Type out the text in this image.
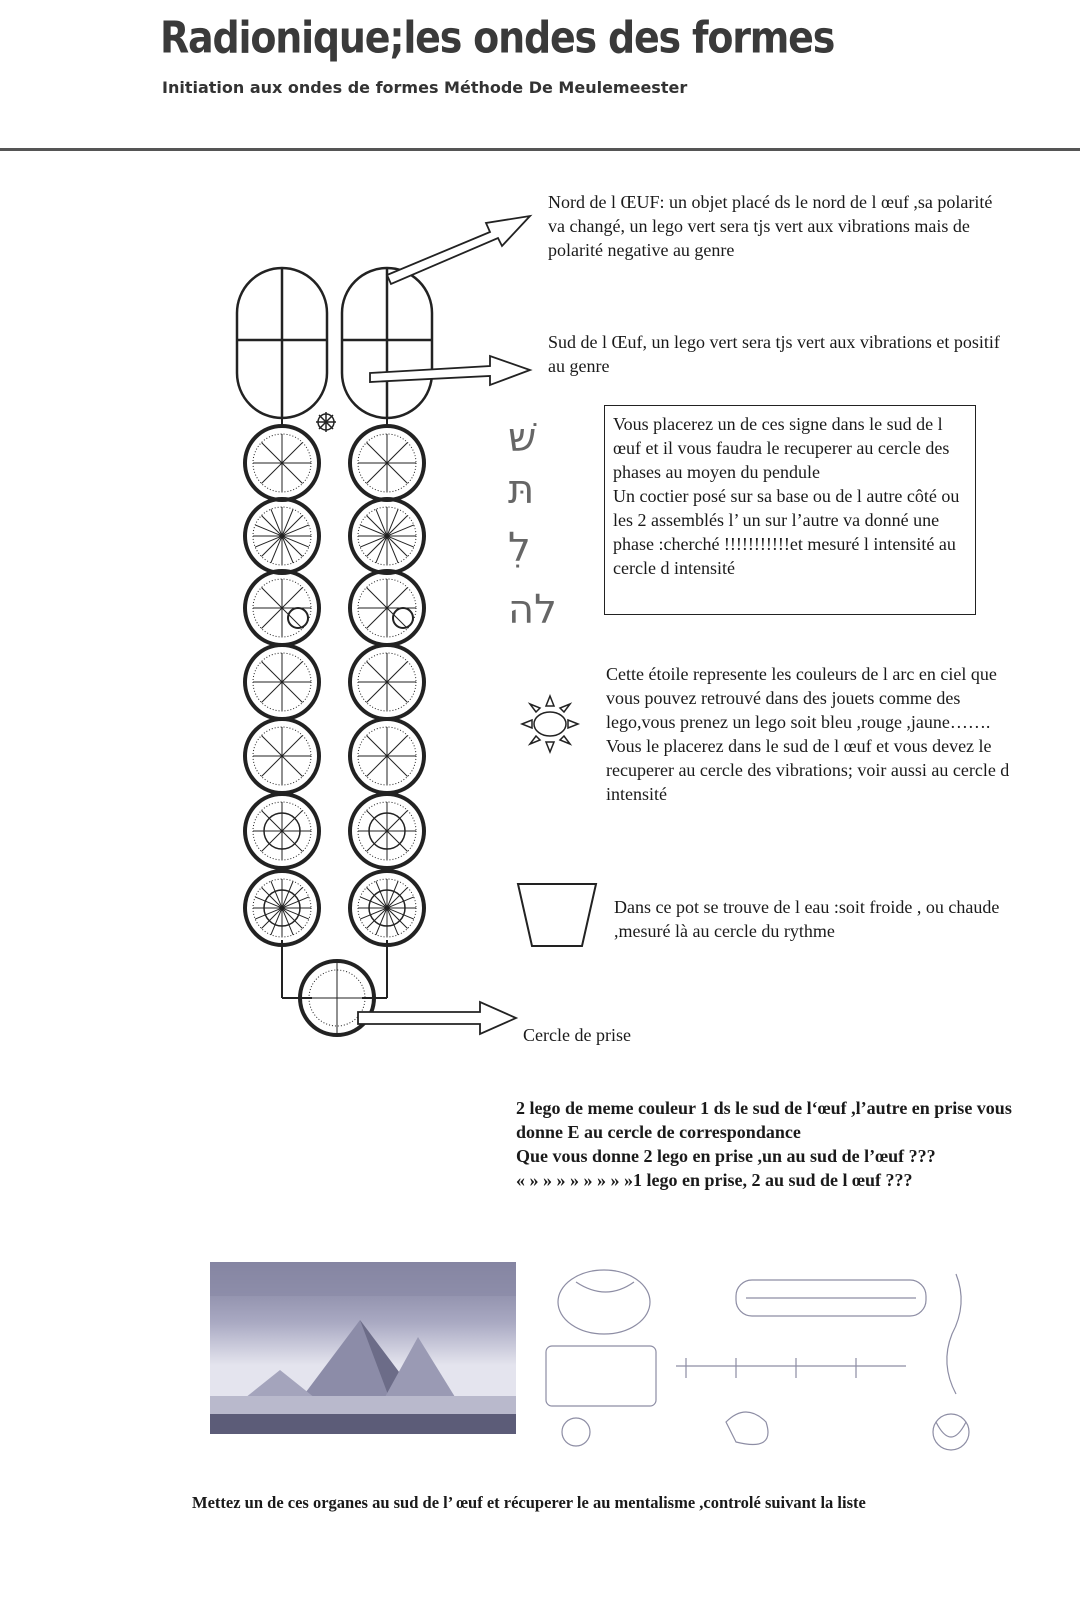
Radionique;les ondes des formes
Initiation aux ondes de formes Méthode De Meulemeester
Nord de l ŒUF: un objet placé ds le nord de l œuf ,sa polarité va changé, un lego vert sera tjs vert aux vibrations mais de polarité negative au genre
Sud de l Œuf, un lego vert sera tjs vert aux vibrations et positif au genre
שׁ
תּ
לִ
לה
Vous placerez un de ces signe dans le sud de l œuf et il vous faudra le recuperer au cercle des phases au moyen du pendule
Un coctier posé sur sa base ou de l autre côté ou les 2 assemblés l’ un sur l’autre va donné une phase :cherché !!!!!!!!!!!et mesuré l intensité au cercle d intensité
Cette étoile represente les couleurs de l arc en ciel que vous pouvez retrouvé dans des jouets comme des lego,vous prenez un lego soit bleu ,rouge ,jaune…….
Vous le placerez dans le sud de l œuf et vous devez le recuperer au cercle des vibrations; voir aussi au cercle d intensité
Dans ce pot se trouve de l eau :soit froide , ou chaude ,mesuré là au cercle du rythme
Cercle de prise
2 lego de meme couleur 1 ds le sud de l‘œuf ,l’autre en prise vous donne E au cercle de correspondance
Que vous donne 2 lego en prise ,un au sud de l’œuf ???
« » » » » » » » »1 lego en prise, 2 au sud de l œuf ???
Mettez un de ces organes au sud de l’ œuf et récuperer le au mentalisme ,controlé suivant la liste
